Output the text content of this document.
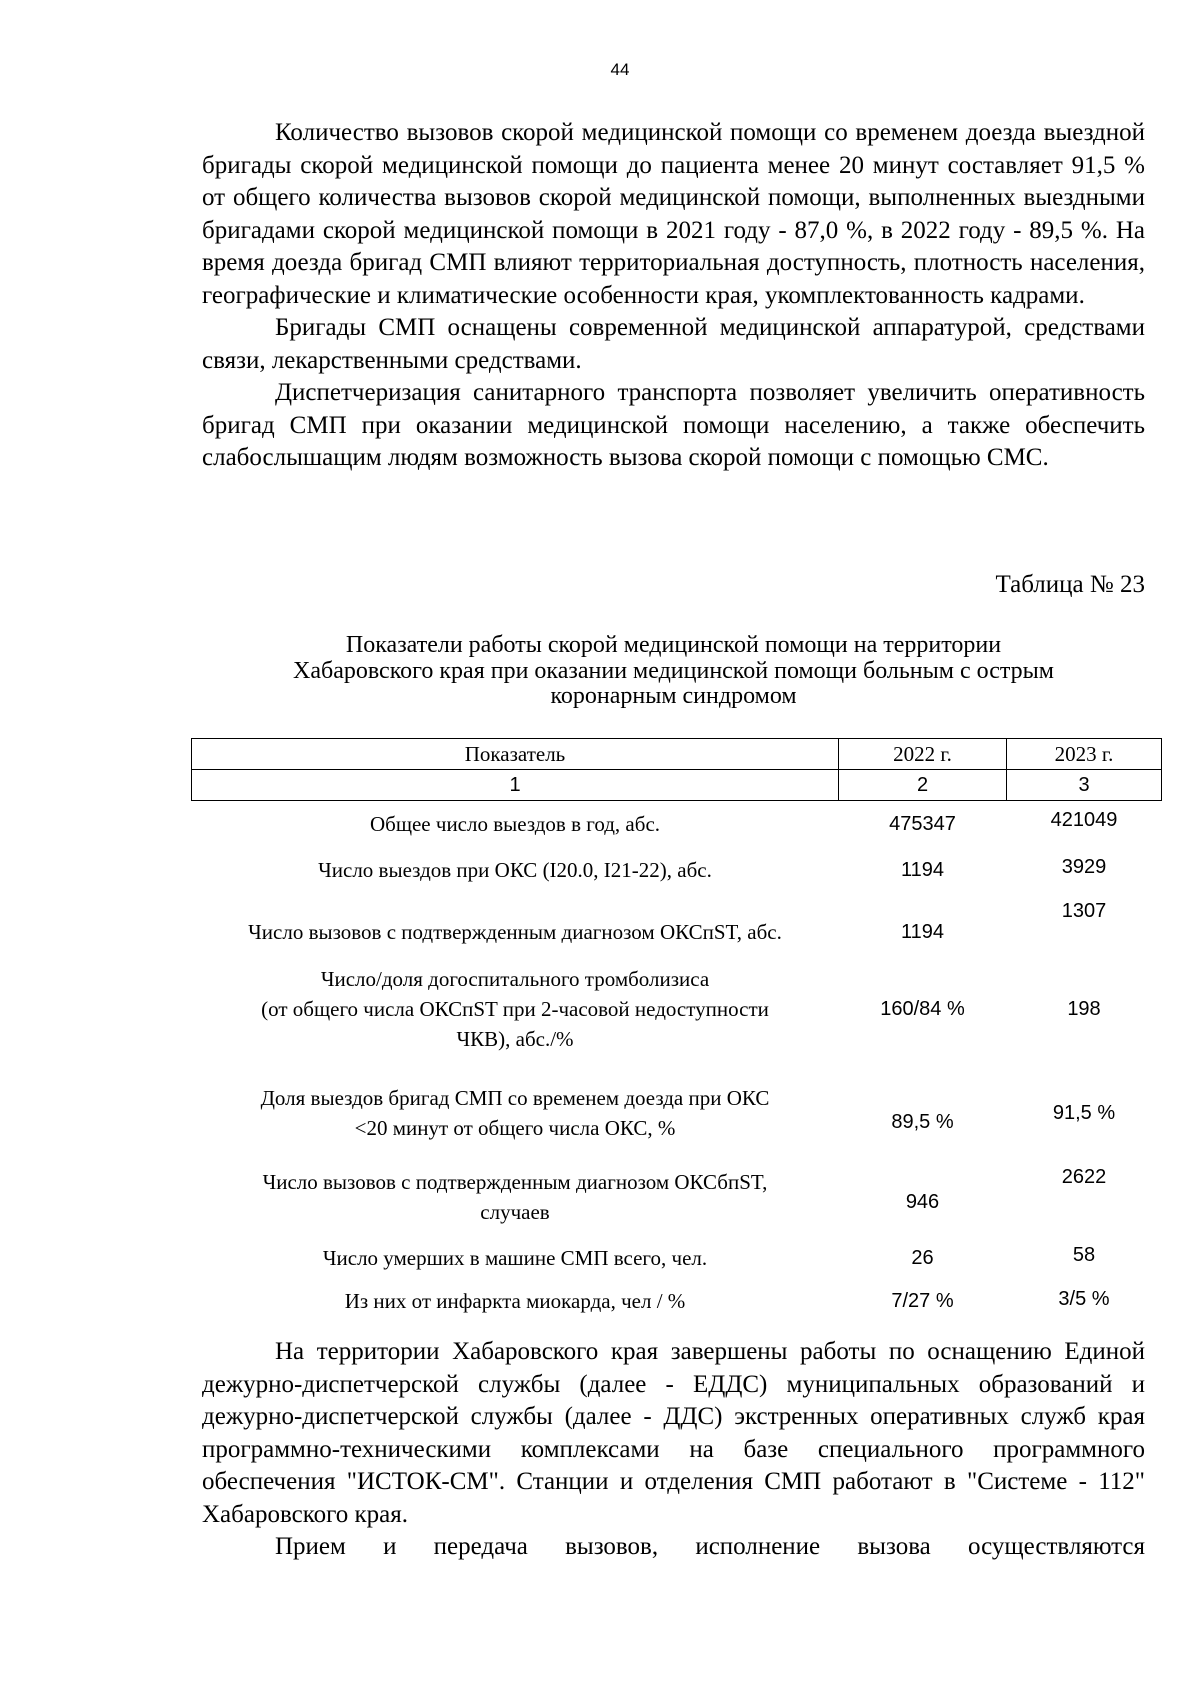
44

Количество вызовов скорой медицинской помощи со временем доезда выездной бригады скорой медицинской помощи до пациента менее 20 минут составляет 91,5 % от общего количества вызовов скорой медицинской помощи, выполненных выездными бригадами скорой медицинской помощи в 2021 году - 87,0 %, в 2022 году - 89,5 %. На время доезда бригад СМП влияют территориальная доступность, плотность населения, географические и климатические особенности края, укомплектованность кадрами.

Бригады СМП оснащены современной медицинской аппаратурой, средствами связи, лекарственными средствами.

Диспетчеризация санитарного транспорта позволяет увеличить оперативность бригад СМП при оказании медицинской помощи населению, а также обеспечить слабослышащим людям возможность вызова скорой помощи с помощью СМС.

Таблица № 23
Показатели работы скорой медицинской помощи на территории
Хабаровского края при оказании медицинской помощи больным с острым
коронарным синдромом
Показатель	2022 г.	2023 г.
1	2	3
Общее число выездов в год, абс.	475347	421049
Число выездов при ОКС (I20.0, I21-22), абс.	1194	3929
Число вызовов с подтвержденным диагнозом ОКСпST, абс.	1194	1307

Число/доля догоспитального тромболизиса
(от общего числа ОКСпST при 2-часовой недоступности
ЧКВ), абс./%	160/84 %	198

Доля выездов бригад СМП со временем доезда при ОКС
<20 минут от общего числа ОКС, %	89,5 %	91,5 %

Число вызовов с подтвержденным диагнозом ОКСбпST,
случаев	946	2622
Число умерших в машине СМП всего, чел.	26	58
Из них от инфаркта миокарда, чел / %	7/27 %	3/5 %

На территории Хабаровского края завершены работы по оснащению Единой дежурно-диспетчерской службы (далее - ЕДДС) муниципальных образований и дежурно-диспетчерской службы (далее - ДДС) экстренных оперативных служб края программно-техническими комплексами на базе специального программного обеспечения "ИСТОК-СМ". Станции и отделения СМП работают в "Системе - 112" Хабаровского края.

Прием и передача вызовов, исполнение вызова осуществляются
